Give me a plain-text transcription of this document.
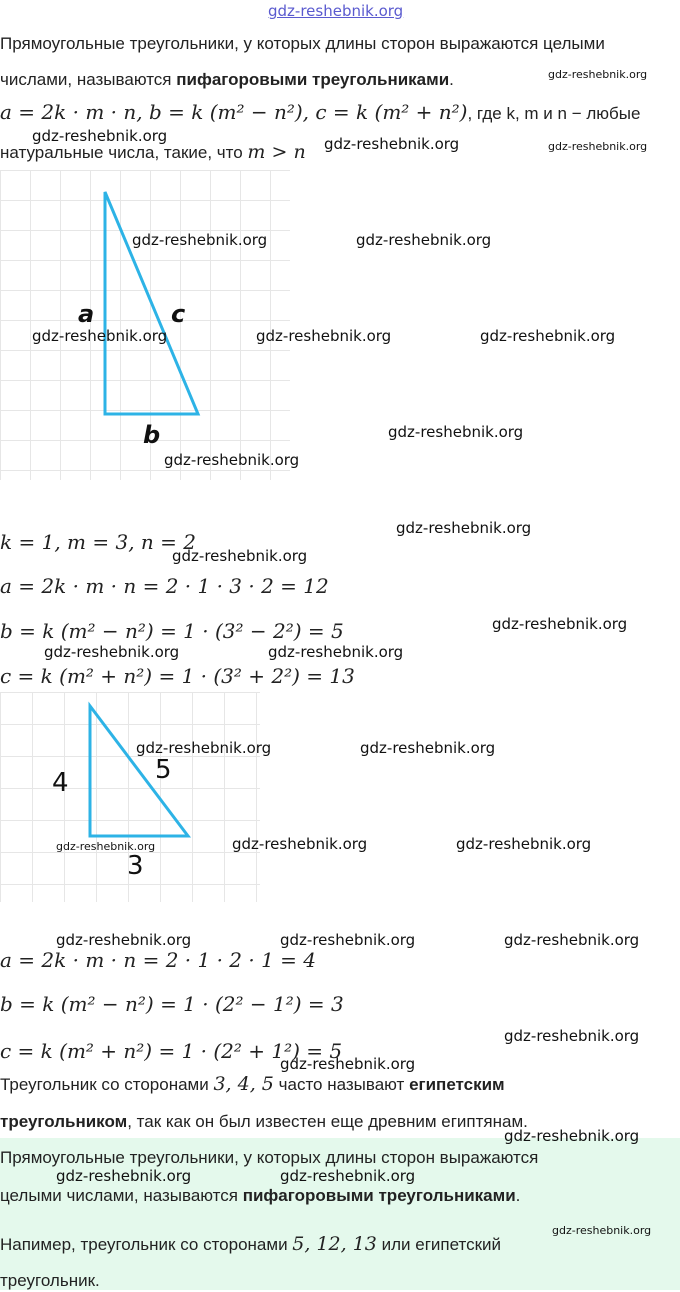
gdz-reshebnik.org
Прямоугольные треугольники, у которых длины сторон выражаются целыми
числами, называются пифагоровыми треугольниками.
a = 2k · m · n, b = k (m² − n²), c = k (m² + n²), где k, m и n − любые
натуральные числа, такие, что m > n
a	c
b
k = 1, m = 3, n = 2
a = 2k · m · n = 2 · 1 · 3 · 2 = 12
b = k (m² − n²) = 1 · (3² − 2²) = 5
c = k (m² + n²) = 1 · (3² + 2²) = 13
4	5
3
a = 2k · m · n = 2 · 1 · 2 · 1 = 4
b = k (m² − n²) = 1 · (2² − 1²) = 3
c = k (m² + n²) = 1 · (2² + 1²) = 5
Треугольник со сторонами 3, 4, 5 часто называют египетским
треугольником, так как он был известен еще древним египтянам.
Прямоугольные треугольники, у которых длины сторон выражаются
целыми числами, называются пифагоровыми треугольниками.
Напимер, треугольник со сторонами 5, 12, 13 или египетский
треугольник.
gdz-reshebnik.org
gdz-reshebnik.org	gdz-reshebnik.org	gdz-reshebnik.org
gdz-reshebnik.org	gdz-reshebnik.org
gdz-reshebnik.org	gdz-reshebnik.org	gdz-reshebnik.org
gdz-reshebnik.org
gdz-reshebnik.org
gdz-reshebnik.org
gdz-reshebnik.org
gdz-reshebnik.org
gdz-reshebnik.org	gdz-reshebnik.org
gdz-reshebnik.org	gdz-reshebnik.org
gdz-reshebnik.org	gdz-reshebnik.org	gdz-reshebnik.org
gdz-reshebnik.org	gdz-reshebnik.org	gdz-reshebnik.org
gdz-reshebnik.org
gdz-reshebnik.org
gdz-reshebnik.org
gdz-reshebnik.org	gdz-reshebnik.org
gdz-reshebnik.org
